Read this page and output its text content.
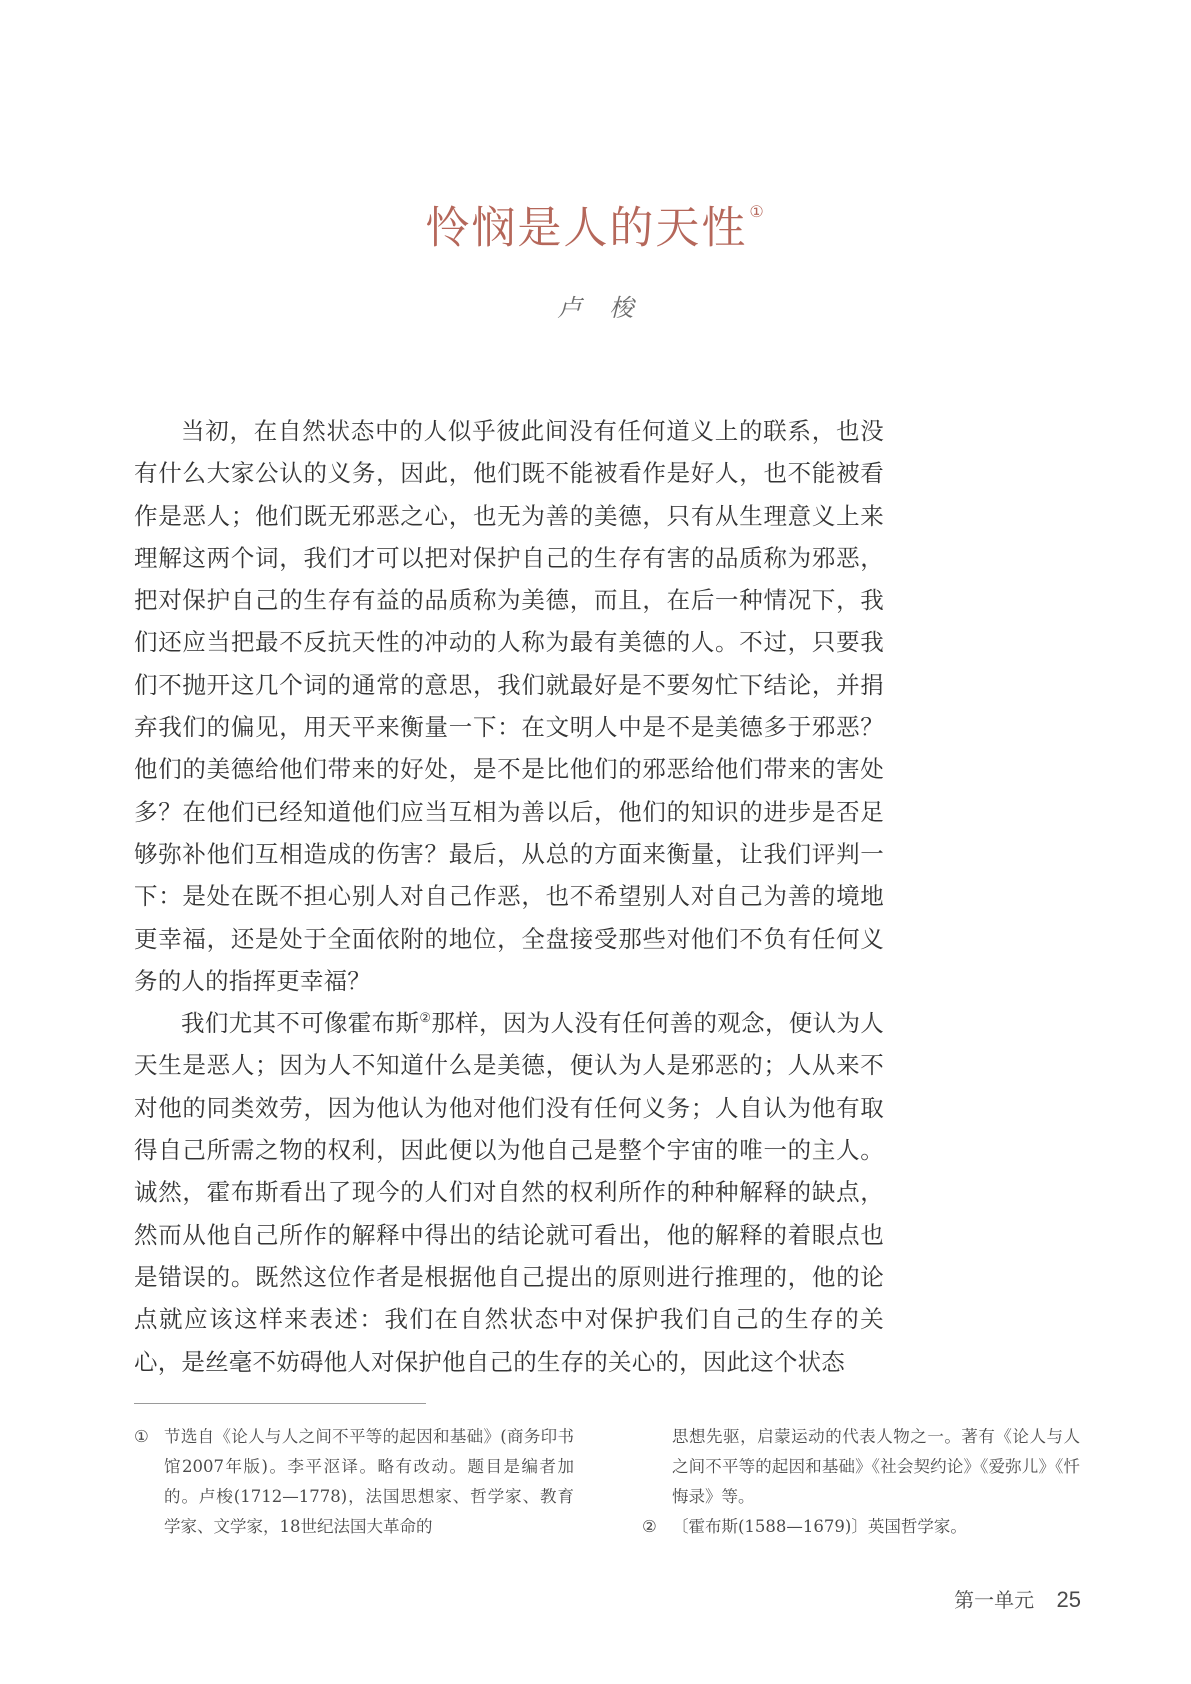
怜悯是人的天性 ①
卢梭

当初，在自然状态中的人似乎彼此间没有任何道义上的联系，也没有什么大家公认的义务，因此，他们既不能被看作是好人，也不能被看作是恶人；他们既无邪恶之心，也无为善的美德，只有从生理意义上来理解这两个词，我们才可以把对保护自己的生存有害的品质称为邪恶，把对保护自己的生存有益的品质称为美德，而且，在后一种情况下，我们还应当把最不反抗天性的冲动的人称为最有美德的人。不过，只要我们不抛开这几个词的通常的意思，我们就最好是不要匆忙下结论，并捐弃我们的偏见，用天平来衡量一下：在文明人中是不是美德多于邪恶？他们的美德给他们带来的好处，是不是比他们的邪恶给他们带来的害处多？在他们已经知道他们应当互相为善以后，他们的知识的进步是否足够弥补他们互相造成的伤害？最后，从总的方面来衡量，让我们评判一下：是处在既不担心别人对自己作恶，也不希望别人对自己为善的境地更幸福，还是处于全面依附的地位，全盘接受那些对他们不负有任何义务的人的指挥更幸福？

我们尤其不可像霍布斯②那样，因为人没有任何善的观念，便认为人天生是恶人；因为人不知道什么是美德，便认为人是邪恶的；人从来不对他的同类效劳，因为他认为他对他们没有任何义务；人自认为他有取得自己所需之物的权利，因此便以为他自己是整个宇宙的唯一的主人。诚然，霍布斯看出了现今的人们对自然的权利所作的种种解释的缺点，然而从他自己所作的解释中得出的结论就可看出，他的解释的着眼点也是错误的。既然这位作者是根据他自己提出的原则进行推理的，他的论点就应该这样来表述：我们在自然状态中对保护我们自己的生存的关心，是丝毫不妨碍他人对保护他自己的生存的关心的，因此这个状态

① 节选自《论人与人之间不平等的起因和基础》(商务印书馆2007年版)。李平沤译。略有改动。题目是编者加的。卢梭(1712—1778)，法国思想家、哲学家、教育学家、文学家，18世纪法国大革命的
思想先驱，启蒙运动的代表人物之一。著有《论人与人之间不平等的起因和基础》《社会契约论》《爱弥儿》《忏悔录》等。
② 〔霍布斯(1588—1679)〕英国哲学家。
第一单元 25
